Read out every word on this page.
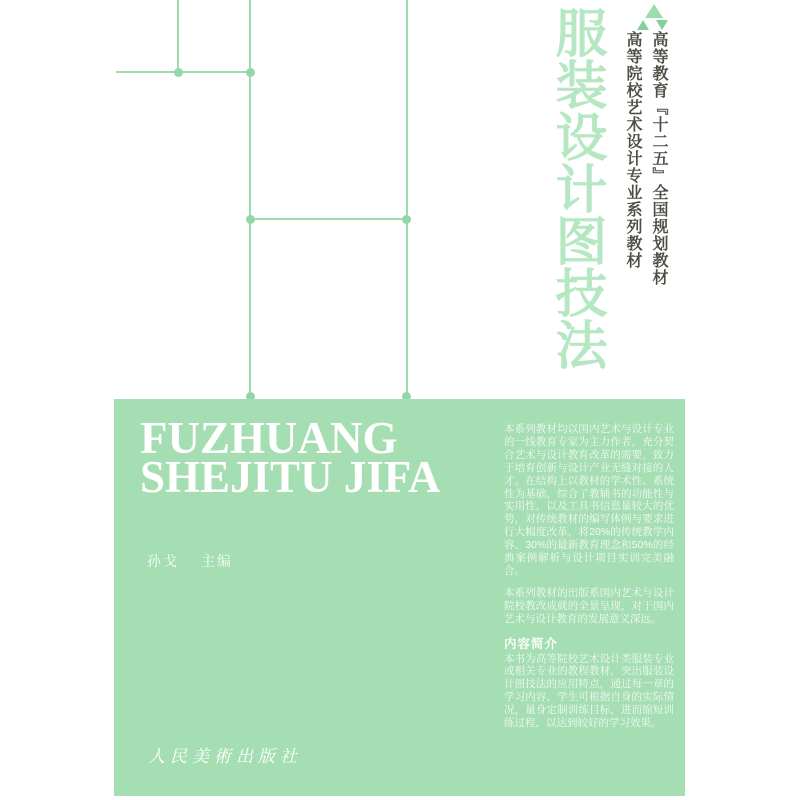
高等教育『十二五』全国规划教材
高等院校艺术设计专业系列教材
服装设计图技法
FUZHUANG
SHEJITU JIFA
孙戈 主编

本系列教材均以国内艺术与设计专业的一线教育专家为主力作者，充分契合艺术与设计教育改革的需要，致力于培育创新与设计产业无缝对接的人才。在结构上以教材的学术性、系统性为基础，综合了教辅书的功能性与实用性，以及工具书信息量较大的优势，对传统教材的编写体例与要求进行大幅度改革，将20%的传统教学内容、30%的最新教育理念和50%的经典案例解析与设计项目实训完美融合。

本系列教材的出版系国内艺术与设计院校教改成就的全景呈现，对于国内艺术与设计教育的发展意义深远。

内容简介

本书为高等院校艺术设计类服装专业或相关专业的教程教材，突出服装设计图技法的应用特点，通过每一章的学习内容，学生可根据自身的实际情况，量身定制训练目标，进而缩短训练过程，以达到较好的学习效果。

人民美術出版社
